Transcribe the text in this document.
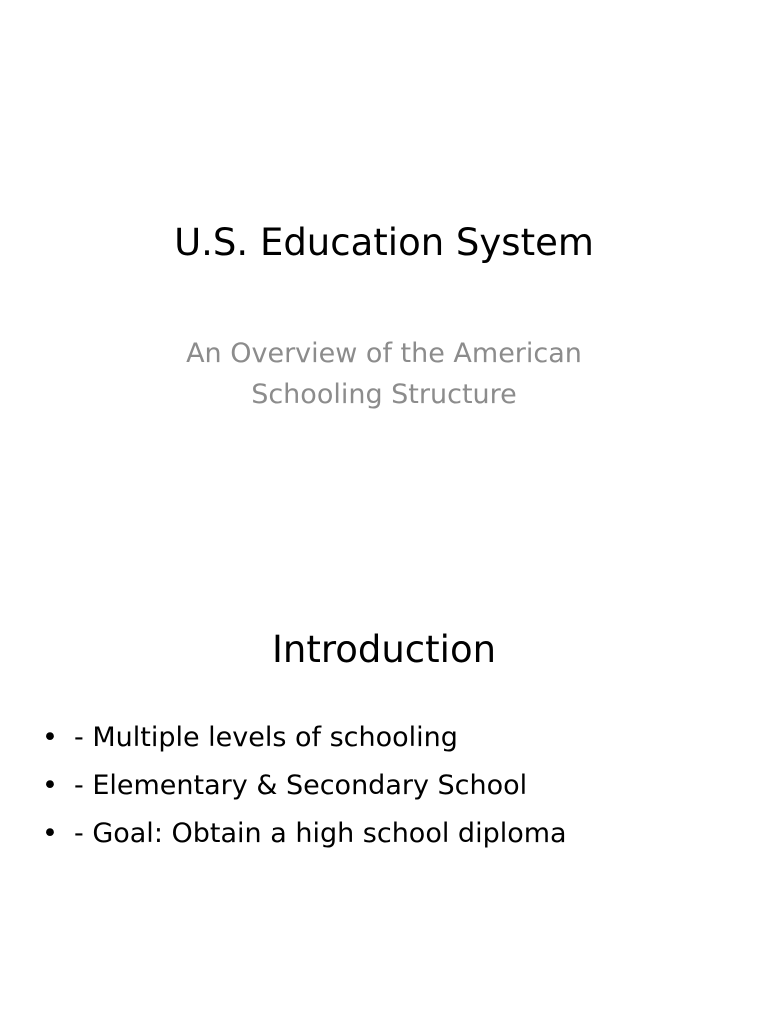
U.S. Education System

An Overview of the American Schooling Structure

Introduction
• - Multiple levels of schooling
• - Elementary & Secondary School
• - Goal: Obtain a high school diploma
